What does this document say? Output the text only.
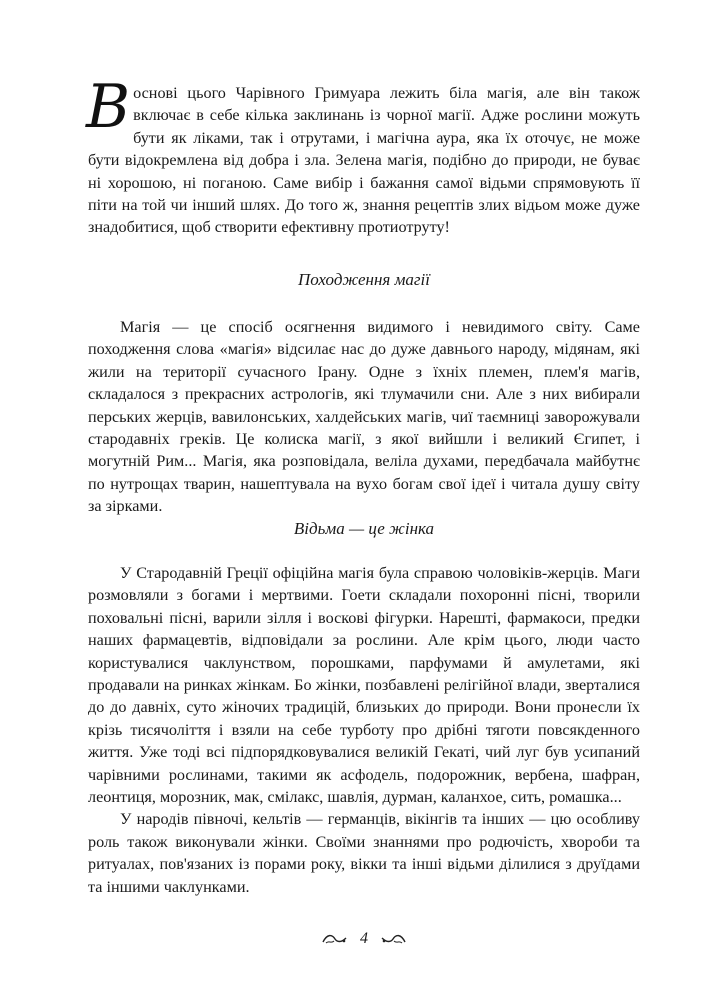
В основі цього Чарівного Гримуара лежить біла магія, але він також включає в себе кілька заклинань із чорної магії. Адже рослини можуть бути як ліками, так і отрутами, і магічна аура, яка їх оточує, не може бути відокремлена від добра і зла. Зелена магія, подібно до природи, не буває ні хорошою, ні поганою. Саме вибір і бажання самої відьми спрямовують її піти на той чи інший шлях. До того ж, знання рецептів злих відьом може дуже знадобитися, щоб створити ефективну протиотруту!

Походження магії

Магія — це спосіб осягнення видимого і невидимого світу. Саме походження слова «магія» відсилає нас до дуже давнього народу, мідянам, які жили на території сучасного Ірану. Одне з їхніх племен, плем'я магів, складалося з прекрасних астрологів, які тлумачили сни. Але з них вибирали перських жерців, вавилонських, халдейських магів, чиї таємниці заворожували стародавніх греків. Це колиска магії, з якої вийшли і великий Єгипет, і могутній Рим... Магія, яка розповідала, веліла духами, передбачала майбутнє по нутрощах тварин, нашептувала на вухо богам свої ідеї і читала душу світу за зірками.

Відьма — це жінка

У Стародавній Греції офіційна магія була справою чоловіків-жерців. Маги розмовляли з богами і мертвими. Гоети складали похоронні пісні, творили поховальні пісні, варили зілля і воскові фігурки. Нарешті, фармакоси, предки наших фармацевтів, відповідали за рослини. Але крім цього, люди часто користувалися чаклунством, порошками, парфумами й амулетами, які продавали на ринках жінкам. Бо жінки, позбавлені релігійної влади, зверталися до до давніх, суто жіночих традицій, близьких до природи. Вони пронесли їх крізь тисячоліття і взяли на себе турботу про дрібні тяготи повсякденного життя. Уже тоді всі підпорядковувалися великій Гекаті, чий луг був усипаний чарівними рослинами, такими як асфодель, подорожник, вербена, шафран, леонтиця, морозник, мак, смілакс, шавлія, дурман, каланхое, сить, ромашка...

У народів півночі, кельтів — германців, вікінгів та інших — цю особливу роль також виконували жінки. Своїми знаннями про родючість, хвороби та ритуалах, пов'язаних із порами року, вікки та інші відьми ділилися з друїдами та іншими чаклунками.

4
